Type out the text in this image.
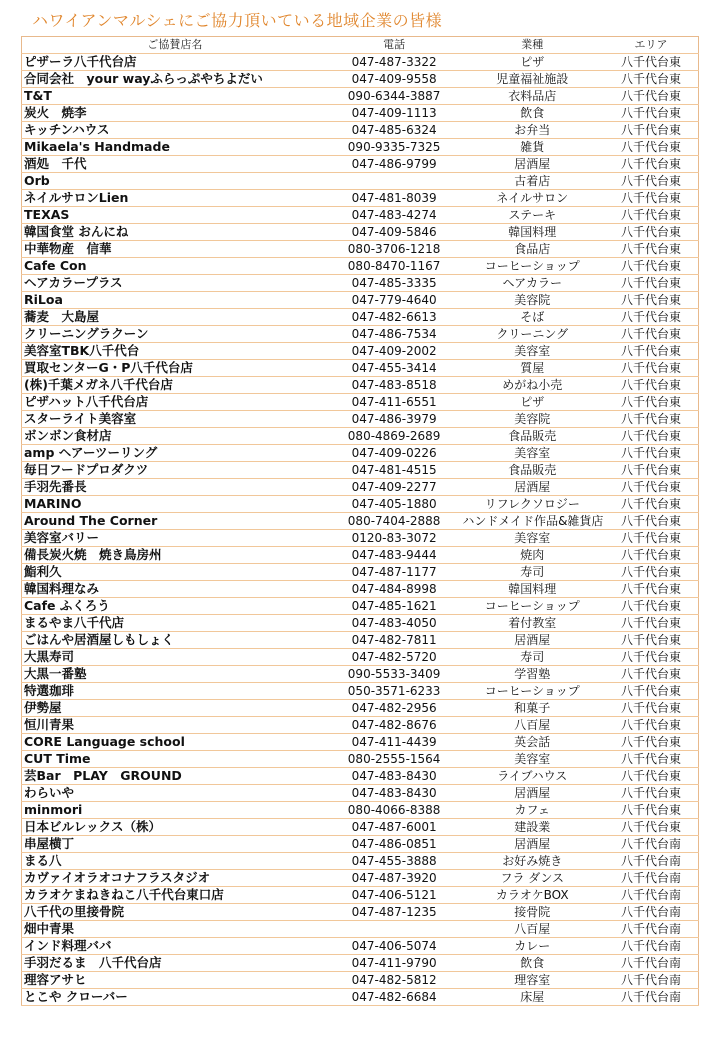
ハワイアンマルシェにご協力頂いている地域企業の皆様
ご協賛店名	電話	業種	エリア
ピザーラ八千代台店	047-487-3322	ピザ	八千代台東
合同会社　your wayふらっぷやちよだい	047-409-9558	児童福祉施設	八千代台東
T&T	090-6344-3887	衣料品店	八千代台東
炭火　焼李	047-409-1113	飲食	八千代台東
キッチンハウス	047-485-6324	お弁当	八千代台東
Mikaela's Handmade	090-9335-7325	雑貨	八千代台東
酒処　千代	047-486-9799	居酒屋	八千代台東
Orb		古着店	八千代台東
ネイルサロンLien	047-481-8039	ネイルサロン	八千代台東
TEXAS	047-483-4274	ステーキ	八千代台東
韓国食堂 おんにね	047-409-5846	韓国料理	八千代台東
中華物産　信華	080-3706-1218	食品店	八千代台東
Cafe Con	080-8470-1167	コーヒーショップ	八千代台東
ヘアカラープラス	047-485-3335	ヘアカラー	八千代台東
RiLoa	047-779-4640	美容院	八千代台東
蕎麦　大島屋	047-482-6613	そば	八千代台東
クリーニングラクーン	047-486-7534	クリーニング	八千代台東
美容室TBK八千代台	047-409-2002	美容室	八千代台東
買取センターG・P八千代台店	047-455-3414	質屋	八千代台東
(株)千葉メガネ八千代台店	047-483-8518	めがね小売	八千代台東
ピザハット八千代台店	047-411-6551	ピザ	八千代台東
スターライト美容室	047-486-3979	美容院	八千代台東
ボンボン食材店	080-4869-2689	食品販売	八千代台東
amp ヘアーツーリング	047-409-0226	美容室	八千代台東
毎日フードプロダクツ	047-481-4515	食品販売	八千代台東
手羽先番長	047-409-2277	居酒屋	八千代台東
MARINO	047-405-1880	リフレクソロジー	八千代台東
Around The Corner	080-7404-2888	ハンドメイド作品&雑貨店	八千代台東
美容室バリー	0120-83-3072	美容室	八千代台東
備長炭火焼　焼き鳥房州	047-483-9444	焼肉	八千代台東
鮨利久	047-487-1177	寿司	八千代台東
韓国料理なみ	047-484-8998	韓国料理	八千代台東
Cafe ふくろう	047-485-1621	コーヒーショップ	八千代台東
まるやま八千代店	047-483-4050	着付教室	八千代台東
ごはんや居酒屋しもしょく	047-482-7811	居酒屋	八千代台東
大黒寿司	047-482-5720	寿司	八千代台東
大黒一番塾	090-5533-3409	学習塾	八千代台東
特選珈琲	050-3571-6233	コーヒーショップ	八千代台東
伊勢屋	047-482-2956	和菓子	八千代台東
恒川青果	047-482-8676	八百屋	八千代台東
CORE Language school	047-411-4439	英会話	八千代台東
CUT Time	080-2555-1564	美容室	八千代台東
芸Bar　PLAY　GROUND	047-483-8430	ライブハウス	八千代台東
わらいや	047-483-8430	居酒屋	八千代台東
minmori	080-4066-8388	カフェ	八千代台東
日本ビルレックス（株）	047-487-6001	建設業	八千代台東
串屋横丁	047-486-0851	居酒屋	八千代台南
まる八	047-455-3888	お好み焼き	八千代台南
カヴァイオラオコナフラスタジオ	047-487-3920	フラ ダンス	八千代台南
カラオケまねきねこ八千代台東口店	047-406-5121	カラオケBOX	八千代台南
八千代の里接骨院	047-487-1235	接骨院	八千代台南
畑中青果		八百屋	八千代台南
インド料理ババ	047-406-5074	カレー	八千代台南
手羽だるま　八千代台店	047-411-9790	飲食	八千代台南
理容アサヒ	047-482-5812	理容室	八千代台南
とこや クローバー	047-482-6684	床屋	八千代台南
